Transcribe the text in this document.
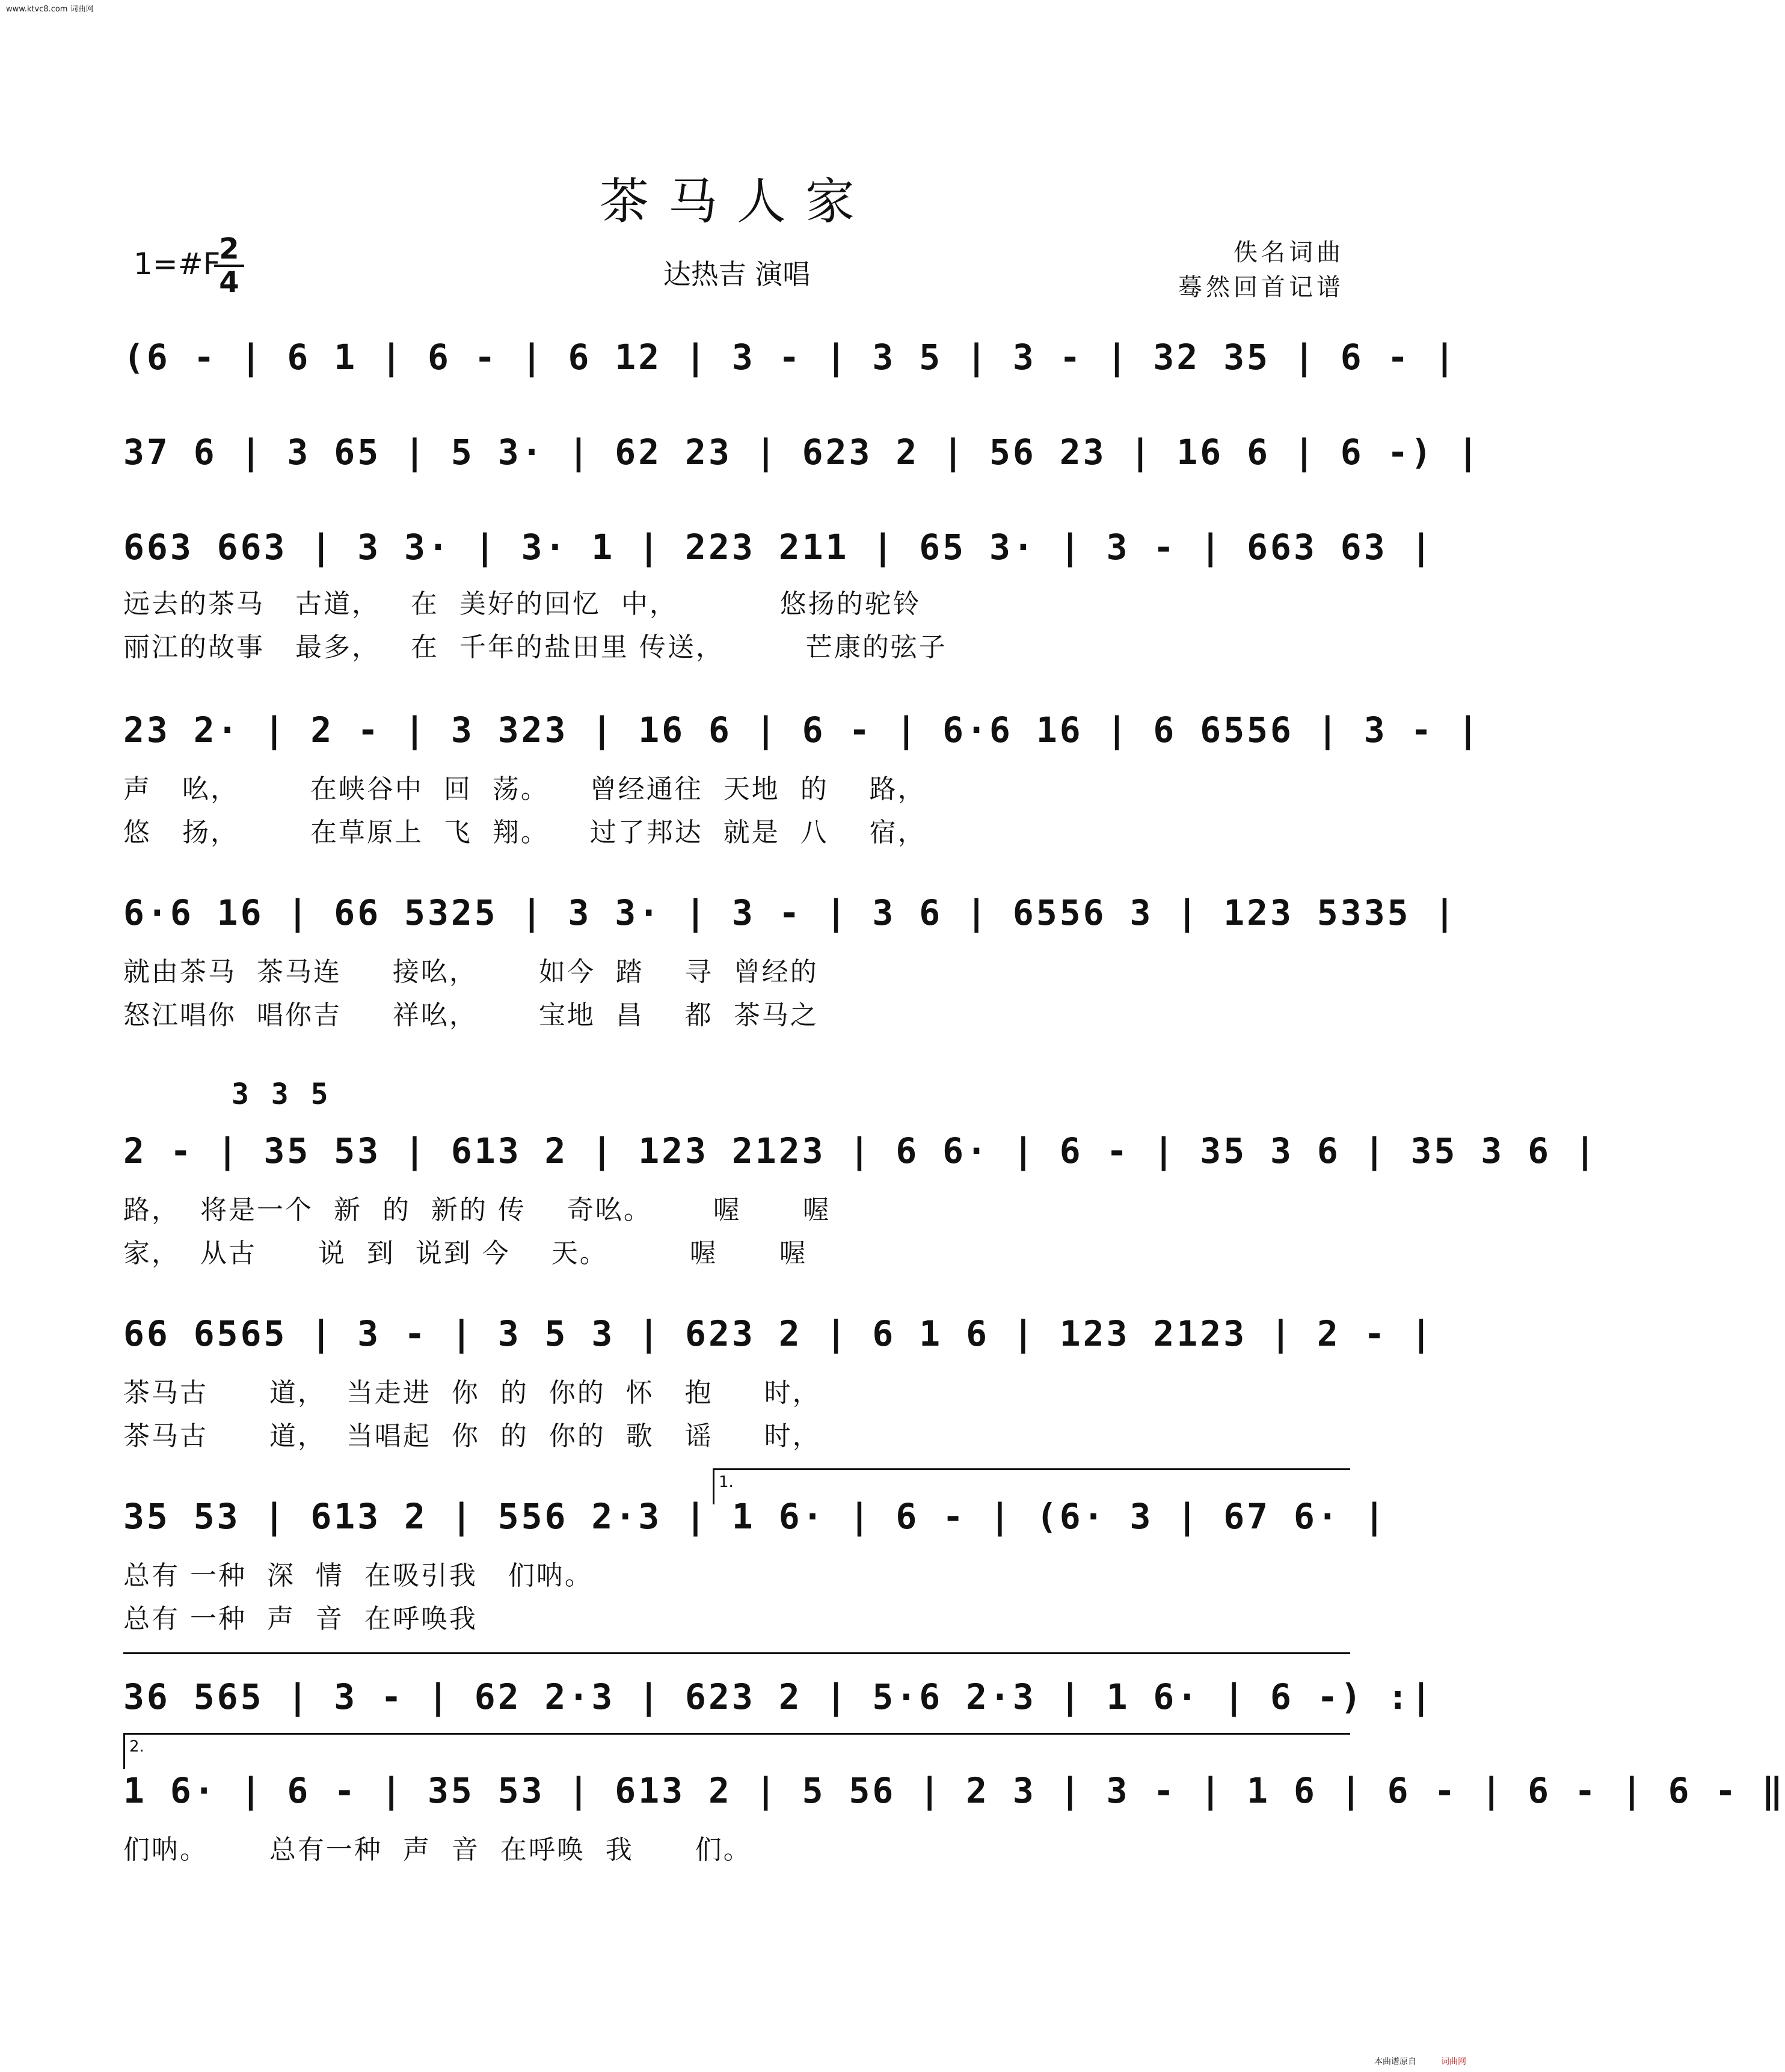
www.ktvc8.com 词曲网
茶马人家
1=#F
2
4	达热吉 演唱
佚名词曲
蓦然回首记谱
(6 - | 6 1 | 6 - | 6 12 | 3 - | 3 5 | 3 - | 32 35 | 6 - |
37 6 | 3 65 | 5 3· | 62 23 | 623 2 | 56 23 | 16 6 | 6 -) |
663 663 | 3 3· | 3· 1 | 223 211 | 65 3· | 3 - | 663 63 |
远去的茶马   古道，   在  美好的回忆  中，          悠扬的驼铃
丽江的故事   最多，   在  千年的盐田里 传送，        芒康的弦子
23 2· | 2 - | 3 323 | 16 6 | 6 - | 6·6 16 | 6 6556 | 3 - |
声   吆，       在峡谷中  回  荡。    曾经通往  天地  的    路，
悠   扬，       在草原上  飞  翔。    过了邦达  就是  八    宿，
6·6 16 | 66 5325 | 3 3· | 3 - | 3 6 | 6556 3 | 123 5335 |
就由茶马  茶马连     接吆，      如今  踏    寻  曾经的
怒江唱你  唱你吉     祥吆，      宝地  昌    都  茶马之
3 3 5
2 - | 35 53 | 613 2 | 123 2123 | 6 6· | 6 - | 35 3 6 | 35 3 6 |
路，  将是一个  新  的  新的 传    奇吆。      喔      喔
家，  从古      说  到  说到 今    天。        喔      喔
66 6565 | 3 - | 3 5 3 | 623 2 | 6 1 6 | 123 2123 | 2 - |
茶马古      道，  当走进  你  的  你的  怀   抱     时，
茶马古      道，  当唱起  你  的  你的  歌   谣     时，
1.
35 53 | 613 2 | 556 2·3 | 1 6· | 6 - | (6· 3 | 67 6· |
总有 一种  深  情  在吸引我   们呐。
总有 一种  声  音  在呼唤我
36 565 | 3 - | 62 2·3 | 623 2 | 5·6 2·3 | 1 6· | 6 -) :|
2.
1 6· | 6 - | 35 53 | 613 2 | 5 56 | 2 3 | 3 - | 1 6 | 6 - | 6 - | 6 - ‖
们呐。      总有一种  声  音  在呼唤  我      们。
本曲谱原自	词曲网
